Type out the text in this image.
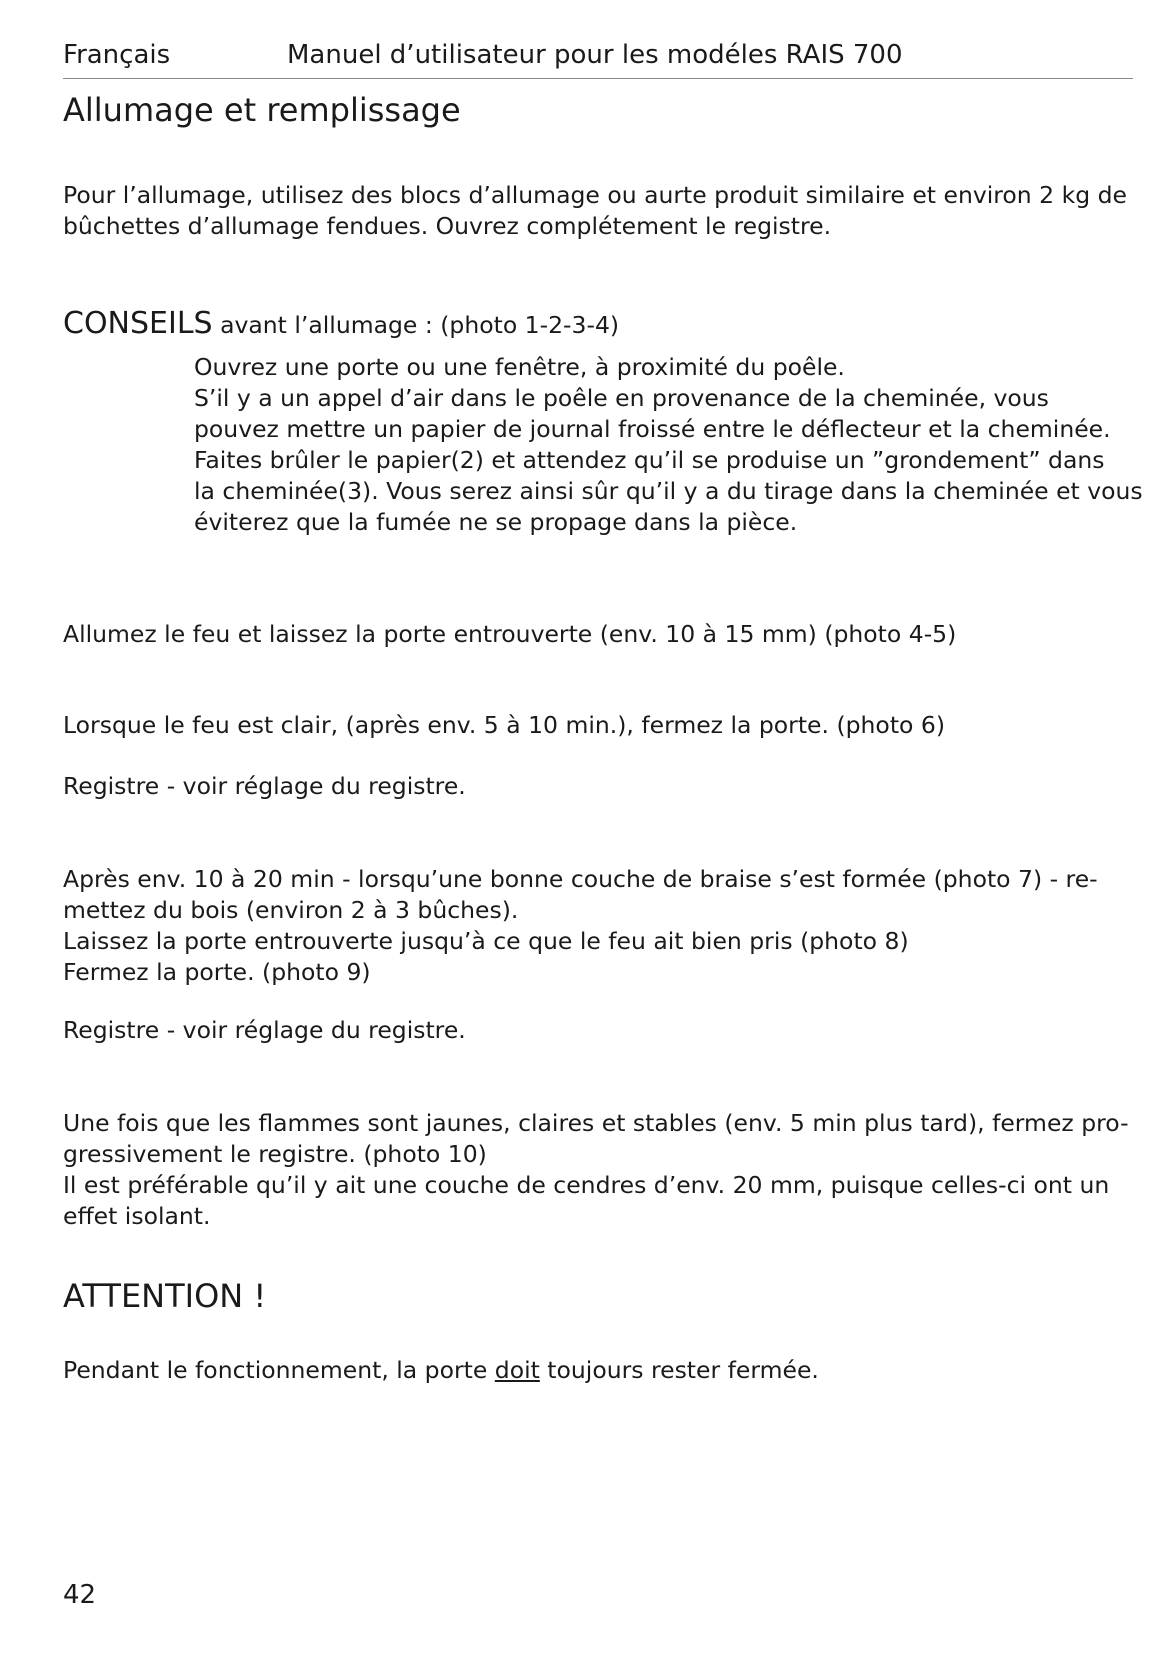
Français	Manuel d’utilisateur pour les modéles RAIS 700
Allumage et remplissage
Pour l’allumage, utilisez des blocs d’allumage ou aurte produit similaire et environ 2 kg de
bûchettes d’allumage fendues. Ouvrez complétement le registre.
CONSEILS avant l’allumage : (photo 1-2-3-4)
Ouvrez une porte ou une fenêtre, à proximité du poêle.
S’il y a un appel d’air dans le poêle en provenance de la cheminée, vous
pouvez mettre un papier de journal froissé entre le déflecteur et la cheminée.
Faites brûler le papier(2) et attendez qu’il se produise un ”grondement” dans
la cheminée(3). Vous serez ainsi sûr qu’il y a du tirage dans la cheminée et vous
éviterez que la fumée ne se propage dans la pièce.
Allumez le feu et laissez la porte entrouverte (env. 10 à 15 mm) (photo 4-5)
Lorsque le feu est clair, (après env. 5 à 10 min.), fermez la porte. (photo 6)
Registre - voir réglage du registre.
Après env. 10 à 20 min - lorsqu’une bonne couche de braise s’est formée (photo 7) - re-
mettez du bois (environ 2 à 3 bûches).
Laissez la porte entrouverte jusqu’à ce que le feu ait bien pris (photo 8)
Fermez la porte. (photo 9)
Registre - voir réglage du registre.
Une fois que les flammes sont jaunes, claires et stables (env. 5 min plus tard), fermez pro-
gressivement le registre. (photo 10)
Il est préférable qu’il y ait une couche de cendres d’env. 20 mm, puisque celles-ci ont un
effet isolant.
ATTENTION !
Pendant le fonctionnement, la porte doit toujours rester fermée.
42
